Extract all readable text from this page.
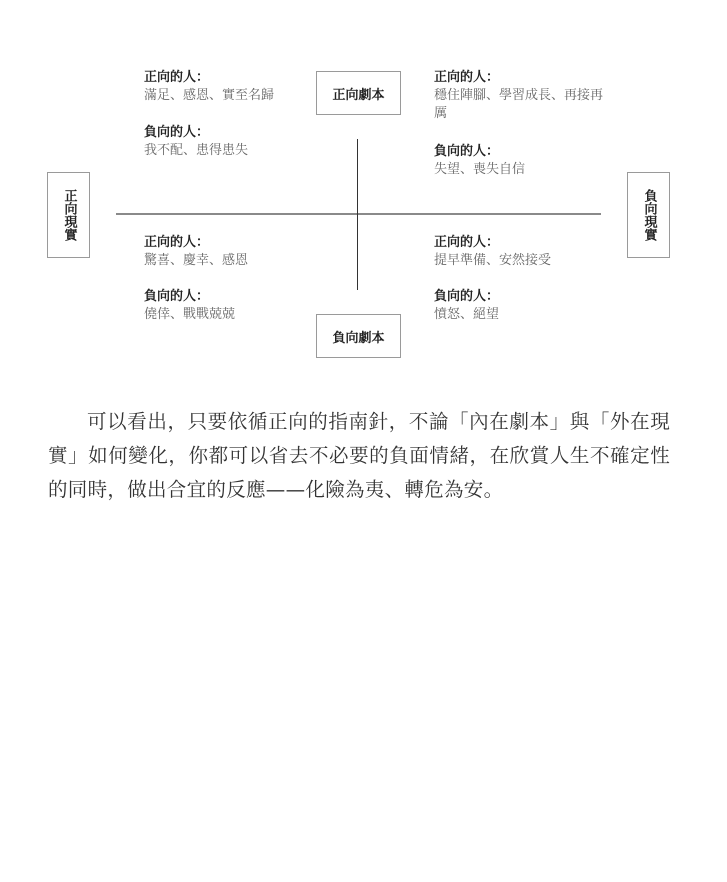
正向劇本
負向劇本
正向現實	負向現實
正向的人：
滿足、感恩、實至名歸
負向的人：
我不配、患得患失
正向的人：
穩住陣腳、學習成長、再接再厲
負向的人：
失望、喪失自信
正向的人：
驚喜、慶幸、感恩
負向的人：
僥倖、戰戰兢兢
正向的人：
提早準備、安然接受
負向的人：
憤怒、絕望

可以看出，只要依循正向的指南針，不論「內在劇本」與「外在現實」如何變化，你都可以省去不必要的負面情緒，在欣賞人生不確定性的同時，做出合宜的反應——化險為夷、轉危為安。
